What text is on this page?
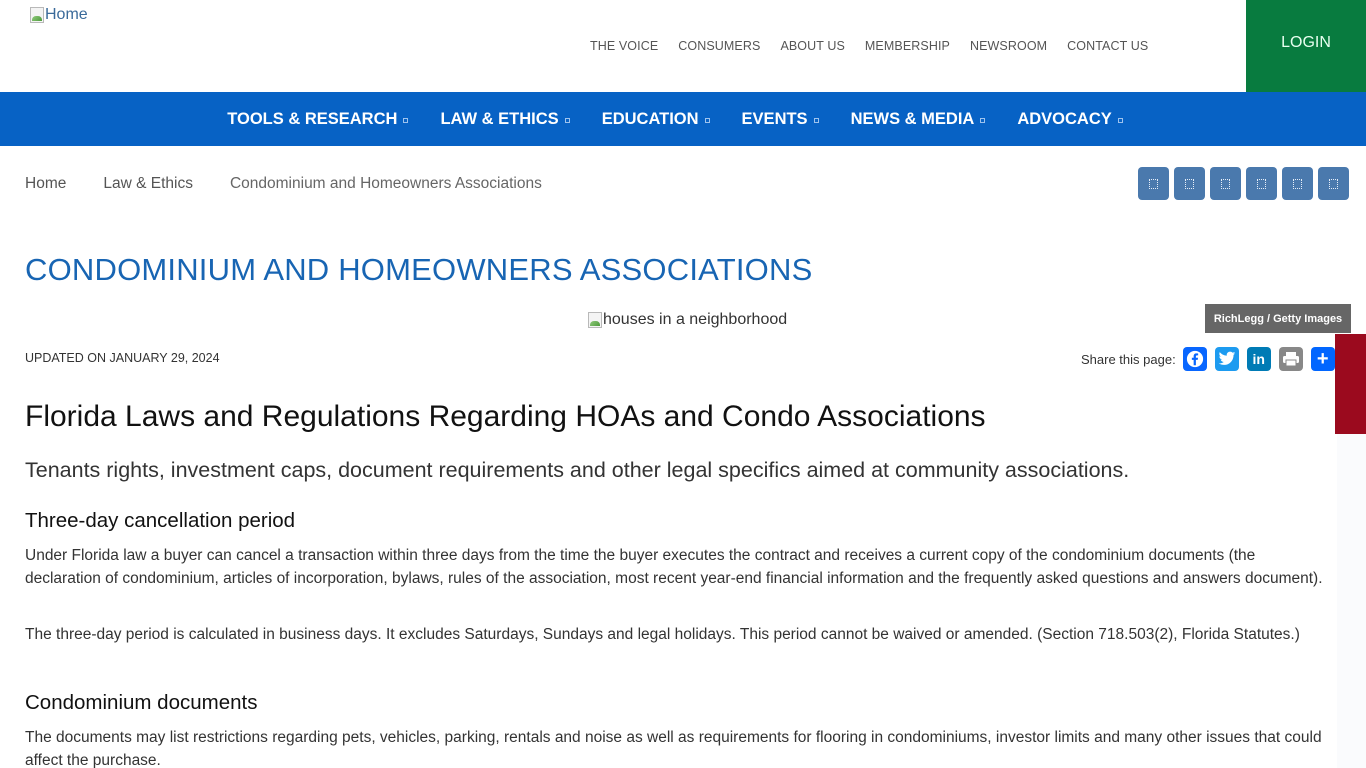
Home
THE VOICE CONSUMERS ABOUT US MEMBERSHIP NEWSROOM CONTACT US	LOGIN
TOOLS & RESEARCH	LAW & ETHICS	EDUCATION	EVENTS	NEWS & MEDIA	ADVOCACY
Home Law & Ethics Condominium and Homeowners Associations
CONDOMINIUM AND HOMEOWNERS ASSOCIATIONS
houses in a neighborhood	RichLegg / Getty Images
UPDATED ON JANUARY 29, 2024	Share this page:	in	+
Florida Laws and Regulations Regarding HOAs and Condo Associations

Tenants rights, investment caps, document requirements and other legal specifics aimed at community associations.

Three-day cancellation period

Under Florida law a buyer can cancel a transaction within three days from the time the buyer executes the contract and receives a current copy of the condominium documents (the declaration of condominium, articles of incorporation, bylaws, rules of the association, most recent year-end financial information and the frequently asked questions and answers document).

The three-day period is calculated in business days. It excludes Saturdays, Sundays and legal holidays. This period cannot be waived or amended. (Section 718.503(2), Florida Statutes.)

Condominium documents

The documents may list restrictions regarding pets, vehicles, parking, rentals and noise as well as requirements for flooring in condominiums, investor limits and many other issues that could affect the purchase.
